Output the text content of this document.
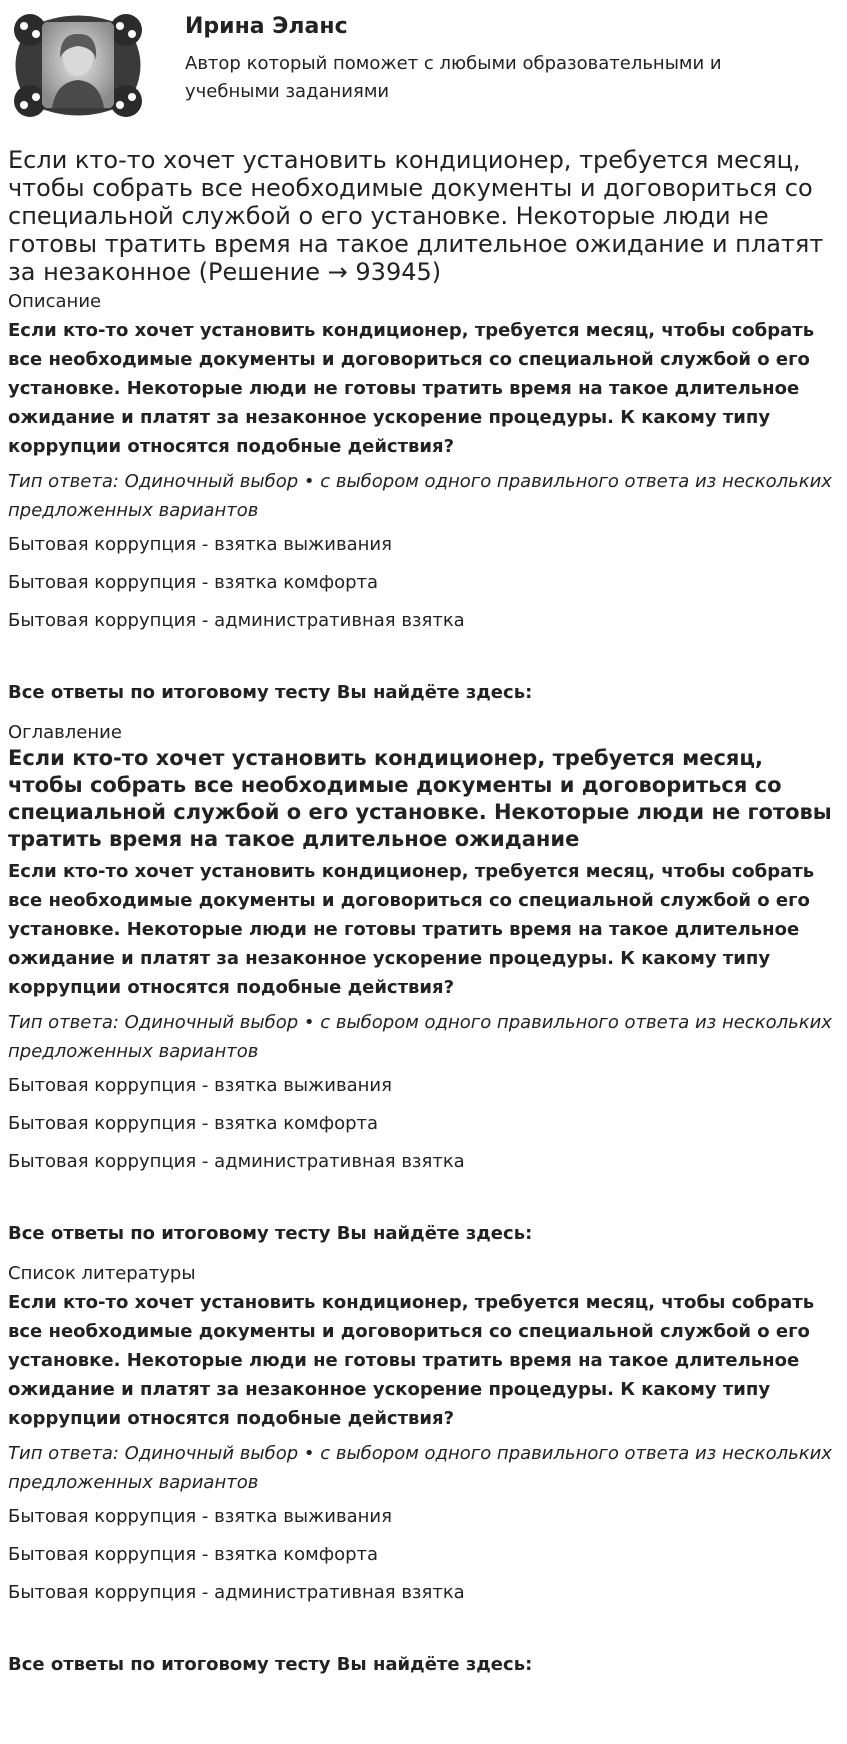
Ирина Эланс
Автор который поможет с любыми образовательными и учебными заданиями
Если кто-то хочет установить кондиционер, требуется месяц, чтобы собрать все необходимые документы и договориться со специальной службой о его установке. Некоторые люди не готовы тратить время на такое длительное ожидание и платят за незаконное (Решение → 93945)
Описание
Если кто-то хочет установить кондиционер, требуется месяц, чтобы собрать все необходимые документы и договориться со специальной службой о его установке. Некоторые люди не готовы тратить время на такое длительное ожидание и платят за незаконное ускорение процедуры. К какому типу коррупции относятся подобные действия?
Тип ответа: Одиночный выбор • с выбором одного правильного ответа из нескольких предложенных вариантов
Бытовая коррупция - взятка выживания
Бытовая коррупция - взятка комфорта
Бытовая коррупция - административная взятка
Все ответы по итоговому тесту Вы найдёте здесь:
Оглавление
Если кто-то хочет установить кондиционер, требуется месяц, чтобы собрать все необходимые документы и договориться со специальной службой о его установке. Некоторые люди не готовы тратить время на такое длительное ожидание
Если кто-то хочет установить кондиционер, требуется месяц, чтобы собрать все необходимые документы и договориться со специальной службой о его установке. Некоторые люди не готовы тратить время на такое длительное ожидание и платят за незаконное ускорение процедуры. К какому типу коррупции относятся подобные действия?
Тип ответа: Одиночный выбор • с выбором одного правильного ответа из нескольких предложенных вариантов
Бытовая коррупция - взятка выживания
Бытовая коррупция - взятка комфорта
Бытовая коррупция - административная взятка
Все ответы по итоговому тесту Вы найдёте здесь:
Список литературы
Если кто-то хочет установить кондиционер, требуется месяц, чтобы собрать все необходимые документы и договориться со специальной службой о его установке. Некоторые люди не готовы тратить время на такое длительное ожидание и платят за незаконное ускорение процедуры. К какому типу коррупции относятся подобные действия?
Тип ответа: Одиночный выбор • с выбором одного правильного ответа из нескольких предложенных вариантов
Бытовая коррупция - взятка выживания
Бытовая коррупция - взятка комфорта
Бытовая коррупция - административная взятка
Все ответы по итоговому тесту Вы найдёте здесь:
